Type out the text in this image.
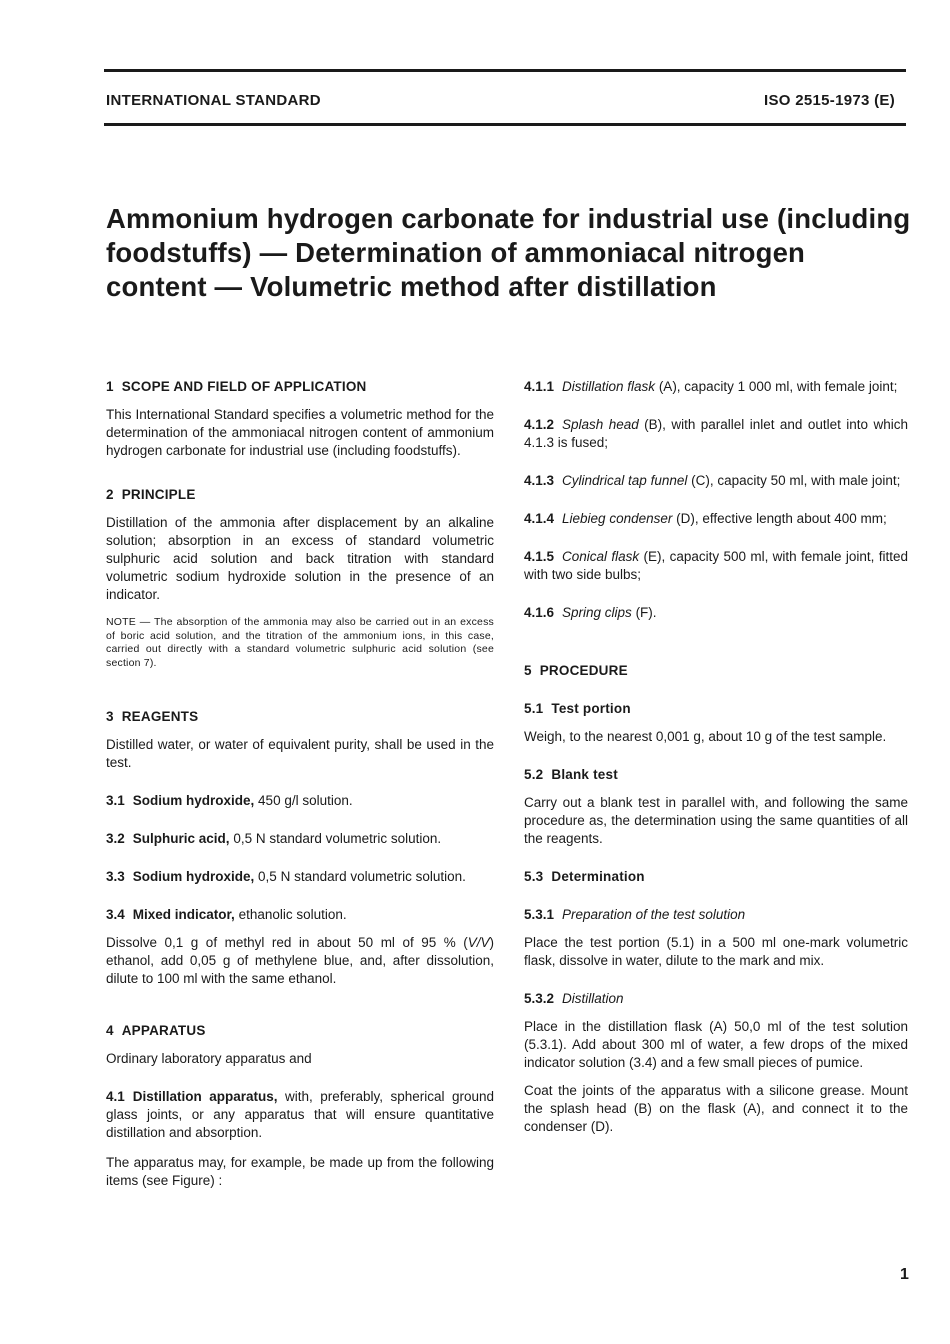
INTERNATIONAL STANDARD	ISO 2515-1973 (E)
Ammonium hydrogen carbonate for industrial use (including
foodstuffs) — Determination of ammoniacal nitrogen
content — Volumetric method after distillation
1 SCOPE AND FIELD OF APPLICATION
This International Standard specifies a volumetric method for the determination of the ammoniacal nitrogen content of ammonium hydrogen carbonate for industrial use (including foodstuffs).
2 PRINCIPLE
Distillation of the ammonia after displacement by an alkaline solution; absorption in an excess of standard volumetric sulphuric acid solution and back titration with standard volumetric sodium hydroxide solution in the presence of an indicator.
NOTE — The absorption of the ammonia may also be carried out in an excess of boric acid solution, and the titration of the ammonium ions, in this case, carried out directly with a standard volumetric sulphuric acid solution (see section 7).
3 REAGENTS
Distilled water, or water of equivalent purity, shall be used in the test.
3.1 Sodium hydroxide, 450 g/l solution.
3.2 Sulphuric acid, 0,5 N standard volumetric solution.
3.3 Sodium hydroxide, 0,5 N standard volumetric solution.
3.4 Mixed indicator, ethanolic solution.
Dissolve 0,1 g of methyl red in about 50 ml of 95 % (V/V) ethanol, add 0,05 g of methylene blue, and, after dissolution, dilute to 100 ml with the same ethanol.
4 APPARATUS
Ordinary laboratory apparatus and
4.1 Distillation apparatus, with, preferably, spherical ground glass joints, or any apparatus that will ensure quantitative distillation and absorption.
The apparatus may, for example, be made up from the following items (see Figure) :
4.1.1 Distillation flask (A), capacity 1 000 ml, with female joint;
4.1.2 Splash head (B), with parallel inlet and outlet into which 4.1.3 is fused;
4.1.3 Cylindrical tap funnel (C), capacity 50 ml, with male joint;
4.1.4 Liebieg condenser (D), effective length about 400 mm;
4.1.5 Conical flask (E), capacity 500 ml, with female joint, fitted with two side bulbs;
4.1.6 Spring clips (F).
5 PROCEDURE
5.1 Test portion
Weigh, to the nearest 0,001 g, about 10 g of the test sample.
5.2 Blank test
Carry out a blank test in parallel with, and following the same procedure as, the determination using the same quantities of all the reagents.
5.3 Determination
5.3.1 Preparation of the test solution
Place the test portion (5.1) in a 500 ml one-mark volumetric flask, dissolve in water, dilute to the mark and mix.
5.3.2 Distillation
Place in the distillation flask (A) 50,0 ml of the test solution (5.3.1). Add about 300 ml of water, a few drops of the mixed indicator solution (3.4) and a few small pieces of pumice.
Coat the joints of the apparatus with a silicone grease. Mount the splash head (B) on the flask (A), and connect it to the condenser (D).
1
